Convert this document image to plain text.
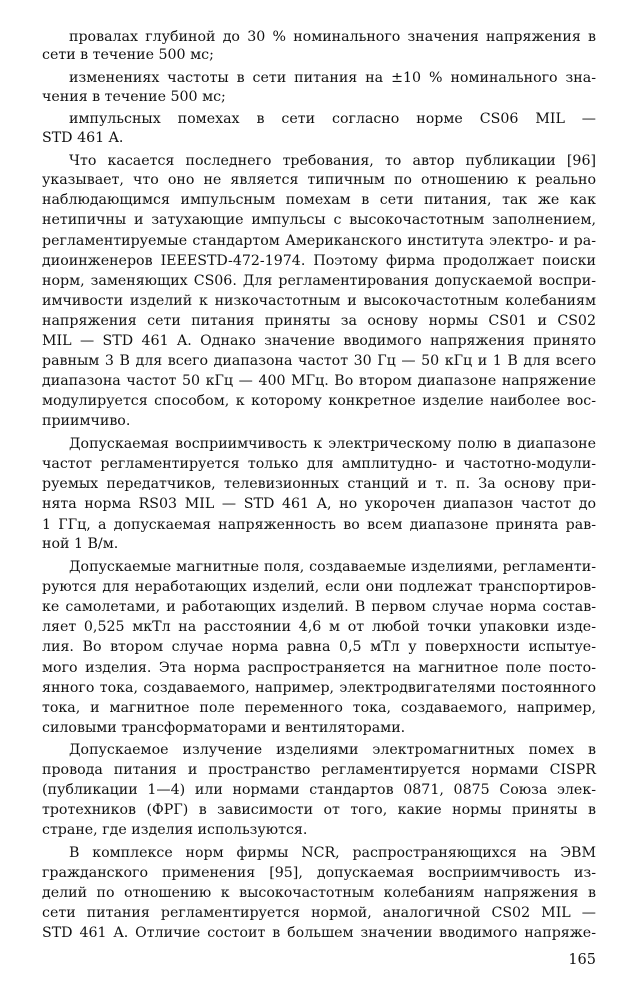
провалах глубиной до 30 % номинального значения напряжения в
сети в течение 500 мс;
изменениях частоты в сети питания на ±10 % номинального зна-
чения в течение 500 мс;
импульсных помехах в сети согласно норме CS06 MIL —
STD 461 A.
Что касается последнего требования, то автор публикации [96]
указывает, что оно не является типичным по отношению к реально
наблюдающимся импульсным помехам в сети питания, так же как
нетипичны и затухающие импульсы с высокочастотным заполнением,
регламентируемые стандартом Американского института электро- и ра-
диоинженеров IEEESTD-472-1974. Поэтому фирма продолжает поиски
норм, заменяющих CS06. Для регламентирования допускаемой воспри-
имчивости изделий к низкочастотным и высокочастотным колебаниям
напряжения сети питания приняты за основу нормы CS01 и CS02
MIL — STD 461 A. Однако значение вводимого напряжения принято
равным 3 В для всего диапазона частот 30 Гц — 50 кГц и 1 В для всего
диапазона частот 50 кГц — 400 МГц. Во втором диапазоне напряжение
модулируется способом, к которому конкретное изделие наиболее вос-
приимчиво.
Допускаемая восприимчивость к электрическому полю в диапазоне
частот регламентируется только для амплитудно- и частотно-модули-
руемых передатчиков, телевизионных станций и т. п. За основу при-
нята норма RS03 MIL — STD 461 A, но укорочен диапазон частот до
1 ГГц, а допускаемая напряженность во всем диапазоне принята рав-
ной 1 В/м.
Допускаемые магнитные поля, создаваемые изделиями, регламенти-
руются для неработающих изделий, если они подлежат транспортиров-
ке самолетами, и работающих изделий. В первом случае норма состав-
ляет 0,525 мкТл на расстоянии 4,6 м от любой точки упаковки изде-
лия. Во втором случае норма равна 0,5 мТл у поверхности испытуе-
мого изделия. Эта норма распространяется на магнитное поле посто-
янного тока, создаваемого, например, электродвигателями постоянного
тока, и магнитное поле переменного тока, создаваемого, например,
силовыми трансформаторами и вентиляторами.
Допускаемое излучение изделиями электромагнитных помех в
провода питания и пространство регламентируется нормами CISPR
(публикации 1—4) или нормами стандартов 0871, 0875 Союза элек-
тротехников (ФРГ) в зависимости от того, какие нормы приняты в
стране, где изделия используются.
В комплексе норм фирмы NCR, распространяющихся на ЭВМ
гражданского применения [95], допускаемая восприимчивость из-
делий по отношению к высокочастотным колебаниям напряжения в
сети питания регламентируется нормой, аналогичной CS02 MIL —
STD 461 A. Отличие состоит в большем значении вводимого напряже-
165
